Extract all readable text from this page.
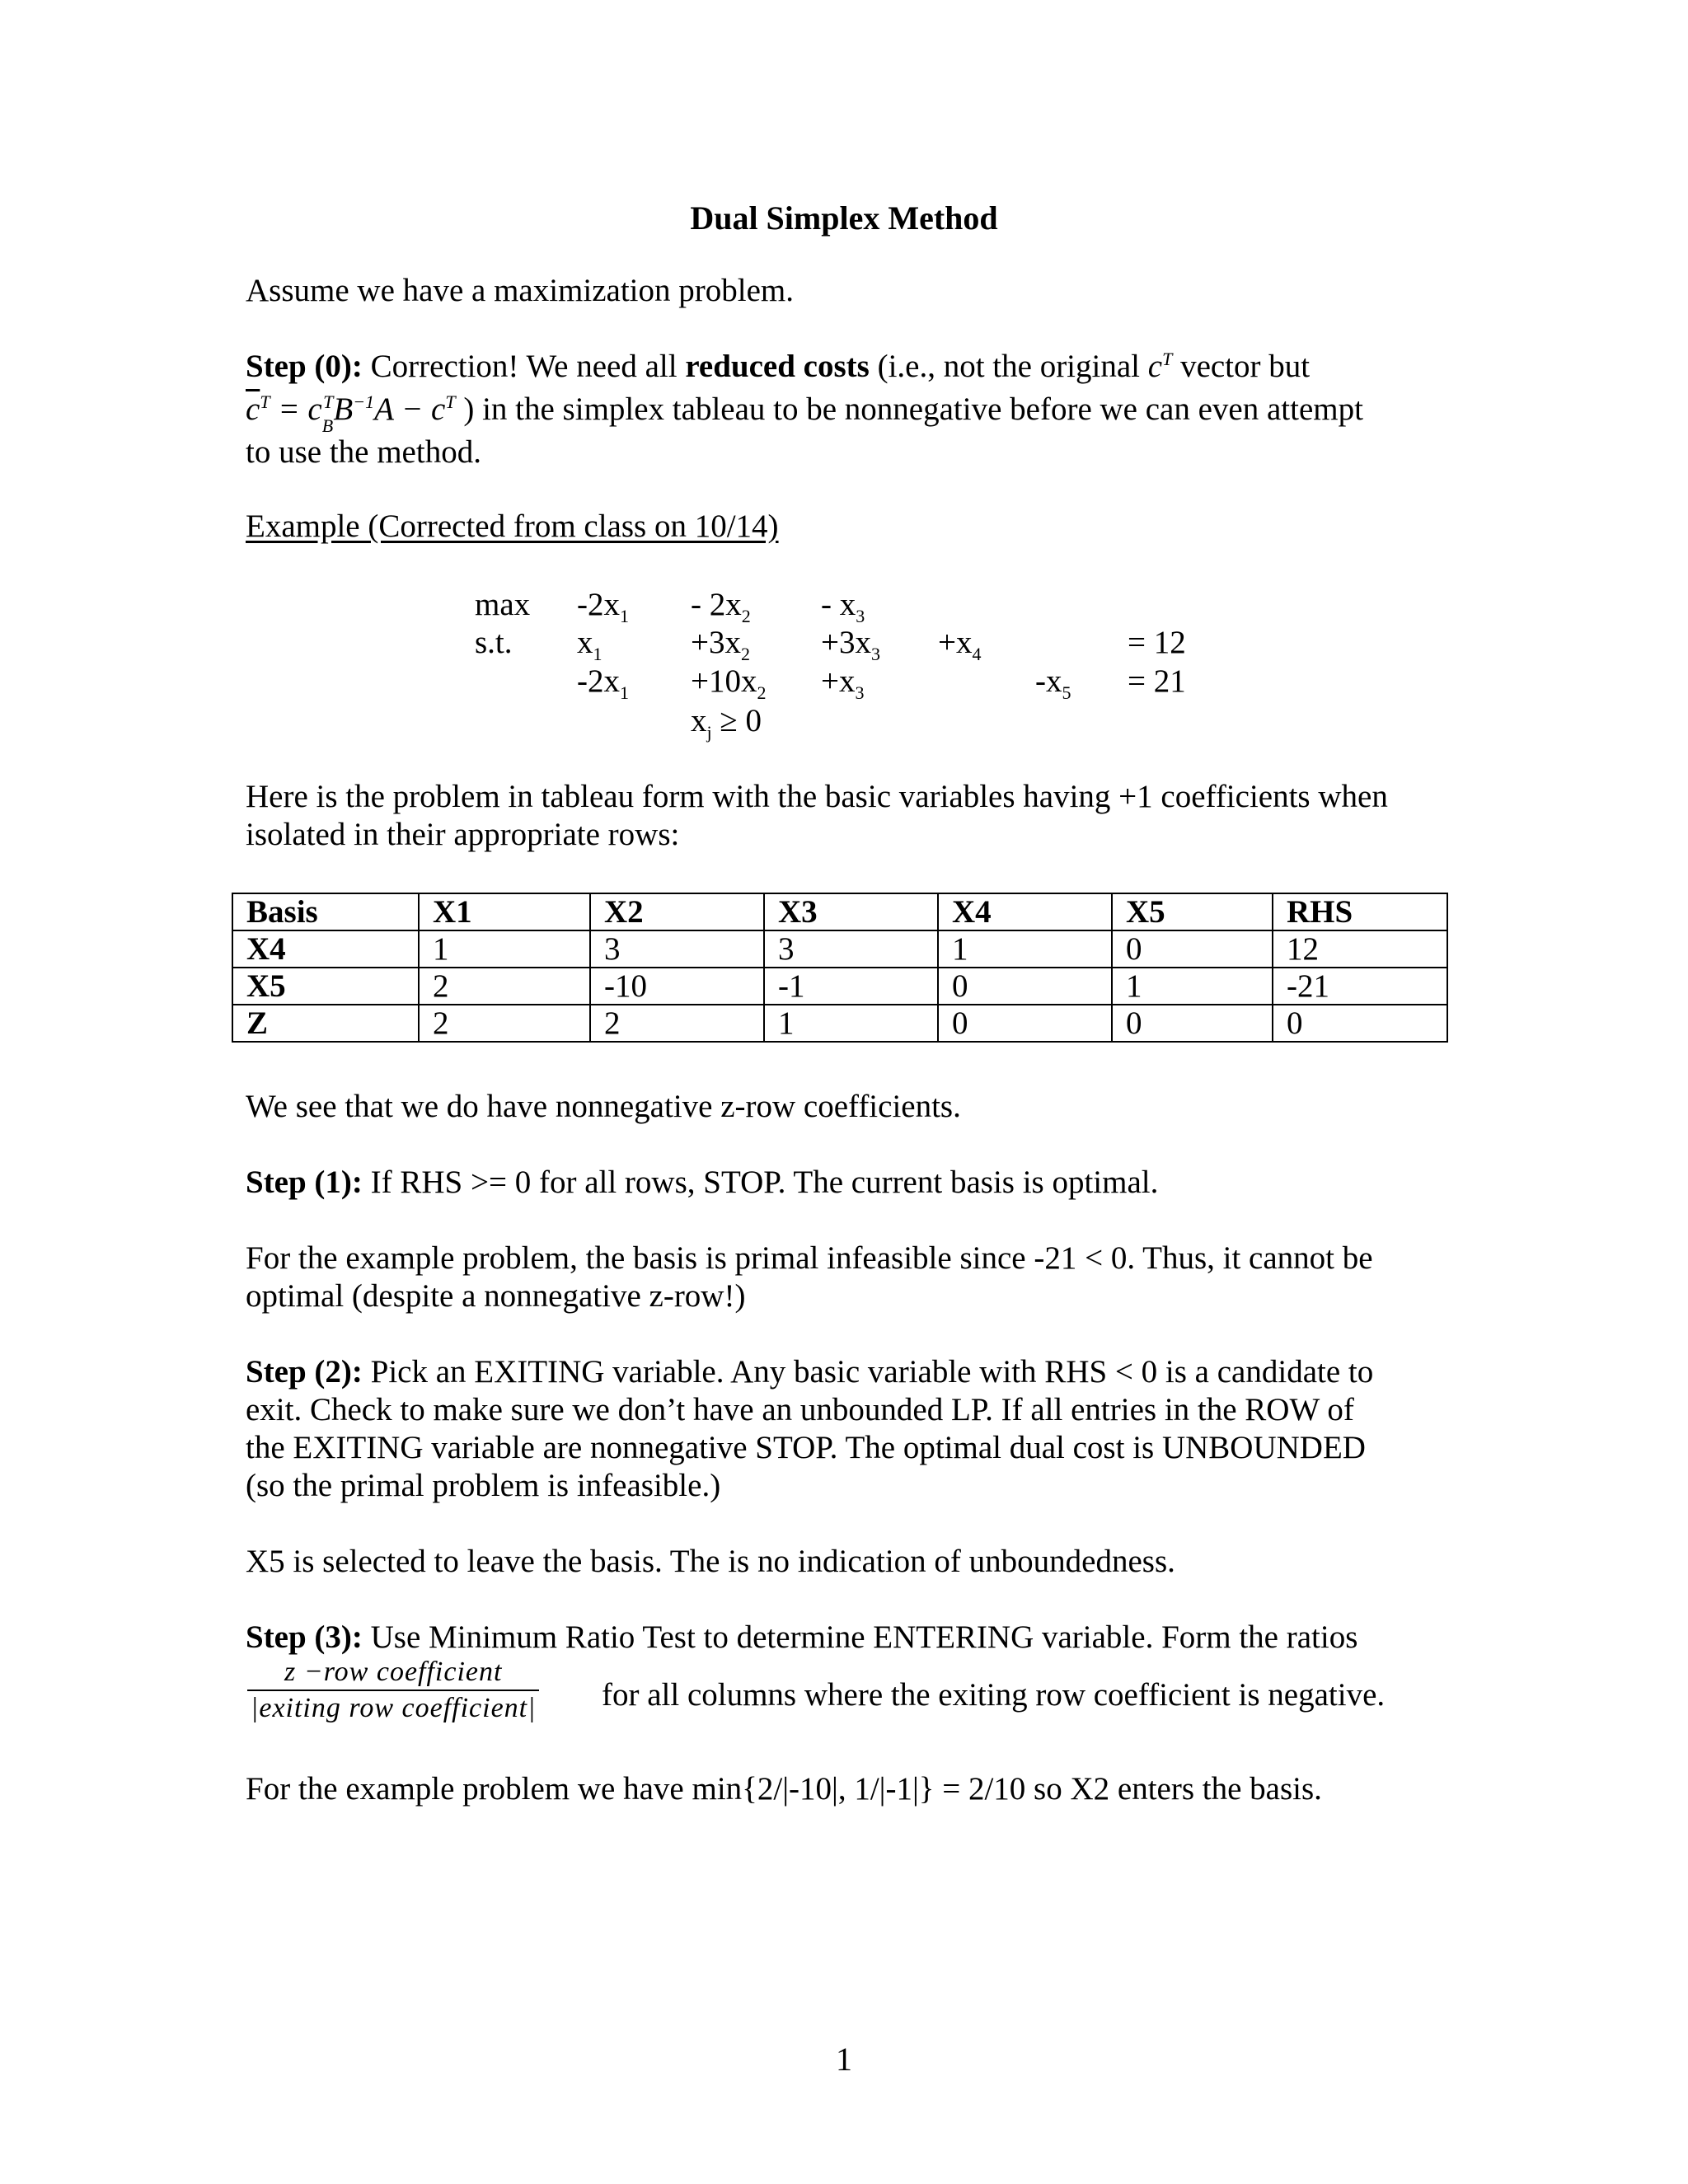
Dual Simplex Method
Assume we have a maximization problem.
Step (0): Correction! We need all reduced costs (i.e., not the original $c^T$ vector but
$\overline{c}^T = c_B^TB^{-1}A - c^T$ ) in the simplex tableau to be nonnegative before we can even attempt
to use the method.
Example (Corrected from class on 10/14)
$\max -2x_1 - 2x_2 - x_3$
s.t. $x_1$	$+3x_2 +3x_3 +x_4$	= 12
$-2x_1 +10x_2 +x_3$	$-x_5 = 21$
$x_j \ge 0$
Here is the problem in tableau form with the basic variables having +1 coefficients when
isolated in their appropriate rows:
Basis	X1	X2	X3	X4	X5	RHS
X4	1	3	3	1	0	12
X5	2	-10	-1	0	1	-21
Z	2	2	1	0	0	0
We see that we do have nonnegative z-row coefficients.
Step (1): If RHS >= 0 for all rows, STOP. The current basis is optimal.
For the example problem, the basis is primal infeasible since -21 < 0. Thus, it cannot be
optimal (despite a nonnegative z-row!)
Step (2): Pick an EXITING variable. Any basic variable with RHS < 0 is a candidate to
exit. Check to make sure we don’t have an unbounded LP. If all entries in the ROW of
the EXITING variable are nonnegative STOP. The optimal dual cost is UNBOUNDED
(so the primal problem is infeasible.)
X5 is selected to leave the basis. The is no indication of unboundedness.
Step (3): Use Minimum Ratio Test to determine ENTERING variable. Form the ratios
z −row coefficient
|exiting row coefficient| for all columns where the exiting row coefficient is negative.
For the example problem we have min{2/|-10|, 1/|-1|} = 2/10 so X2 enters the basis.
1
